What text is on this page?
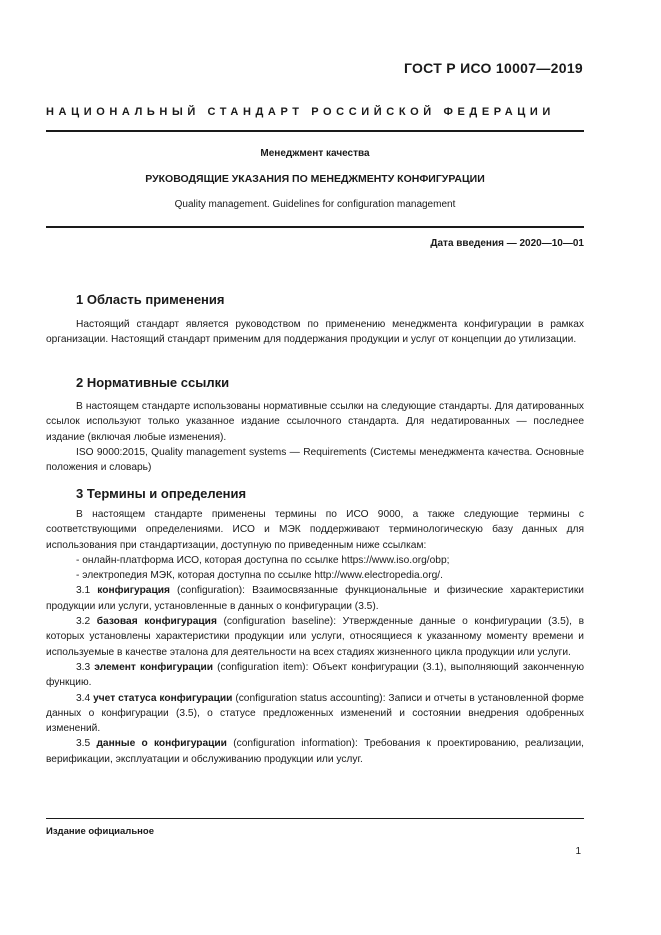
ГОСТ Р ИСО 10007—2019
НАЦИОНАЛЬНЫЙ СТАНДАРТ РОССИЙСКОЙ ФЕДЕРАЦИИ
Менеджмент качества
РУКОВОДЯЩИЕ УКАЗАНИЯ ПО МЕНЕДЖМЕНТУ КОНФИГУРАЦИИ
Quality management. Guidelines for configuration management
Дата введения — 2020—10—01
1 Область применения

Настоящий стандарт является руководством по применению менеджмента конфигурации в рамках организации. Настоящий стандарт применим для поддержания продукции и услуг от концепции до утилизации.

2 Нормативные ссылки

В настоящем стандарте использованы нормативные ссылки на следующие стандарты. Для датированных ссылок используют только указанное издание ссылочного стандарта. Для недатированных — последнее издание (включая любые изменения).

ISO 9000:2015, Quality management systems — Requirements (Системы менеджмента качества. Основные положения и словарь)

3 Термины и определения

В настоящем стандарте применены термины по ИСО 9000, а также следующие термины с соответствующими определениями. ИСО и МЭК поддерживают терминологическую базу данных для использования при стандартизации, доступную по приведенным ниже ссылкам:

- онлайн-платформа ИСО, которая доступна по ссылке https://www.iso.org/obp;

- электропедия МЭК, которая доступна по ссылке http://www.electropedia.org/.

3.1 конфигурация (configuration): Взаимосвязанные функциональные и физические характеристики продукции или услуги, установленные в данных о конфигурации (3.5).

3.2 базовая конфигурация (configuration baseline): Утвержденные данные о конфигурации (3.5), в которых установлены характеристики продукции или услуги, относящиеся к указанному моменту времени и используемые в качестве эталона для деятельности на всех стадиях жизненного цикла продукции или услуги.

3.3 элемент конфигурации (configuration item): Объект конфигурации (3.1), выполняющий законченную функцию.

3.4 учет статуса конфигурации (configuration status accounting): Записи и отчеты в установленной форме данных о конфигурации (3.5), о статусе предложенных изменений и состоянии внедрения одобренных изменений.

3.5 данные о конфигурации (configuration information): Требования к проектированию, реализации, верификации, эксплуатации и обслуживанию продукции или услуг.

Издание официальное
1
